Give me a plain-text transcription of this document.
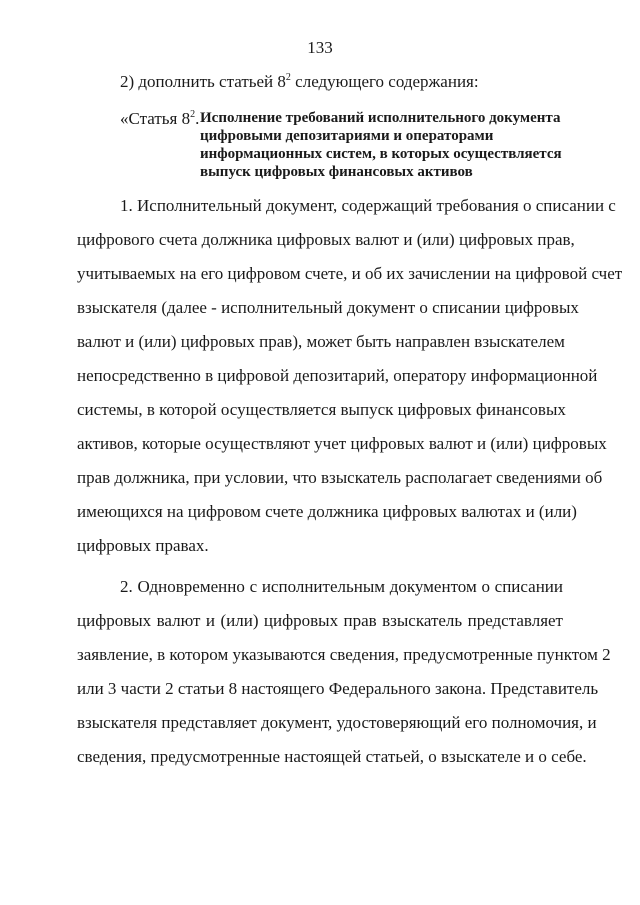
133
2) дополнить статьей $8^2$ следующего содержания:
«Статья $8^2$. Исполнение требований исполнительного документа
цифровыми депозитариями и операторами
информационных систем, в которых осуществляется
выпуск цифровых финансовых активов
1. Исполнительный документ, содержащий требования о списании с
цифрового счета должника цифровых валют и (или) цифровых прав,
учитываемых на его цифровом счете, и об их зачислении на цифровой счет
взыскателя (далее - исполнительный документ о списании цифровых
валют и (или) цифровых прав), может быть направлен взыскателем
непосредственно в цифровой депозитарий, оператору информационной
системы, в которой осуществляется выпуск цифровых финансовых
активов, которые осуществляют учет цифровых валют и (или) цифровых
прав должника, при условии, что взыскатель располагает сведениями об
имеющихся на цифровом счете должника цифровых валютах и (или)
цифровых правах.
2. Одновременно с исполнительным документом о списании
цифровых валют и (или) цифровых прав взыскатель представляет
заявление, в котором указываются сведения, предусмотренные пунктом 2
или 3 части 2 статьи 8 настоящего Федерального закона. Представитель
взыскателя представляет документ, удостоверяющий его полномочия, и
сведения, предусмотренные настоящей статьей, о взыскателе и о себе.
